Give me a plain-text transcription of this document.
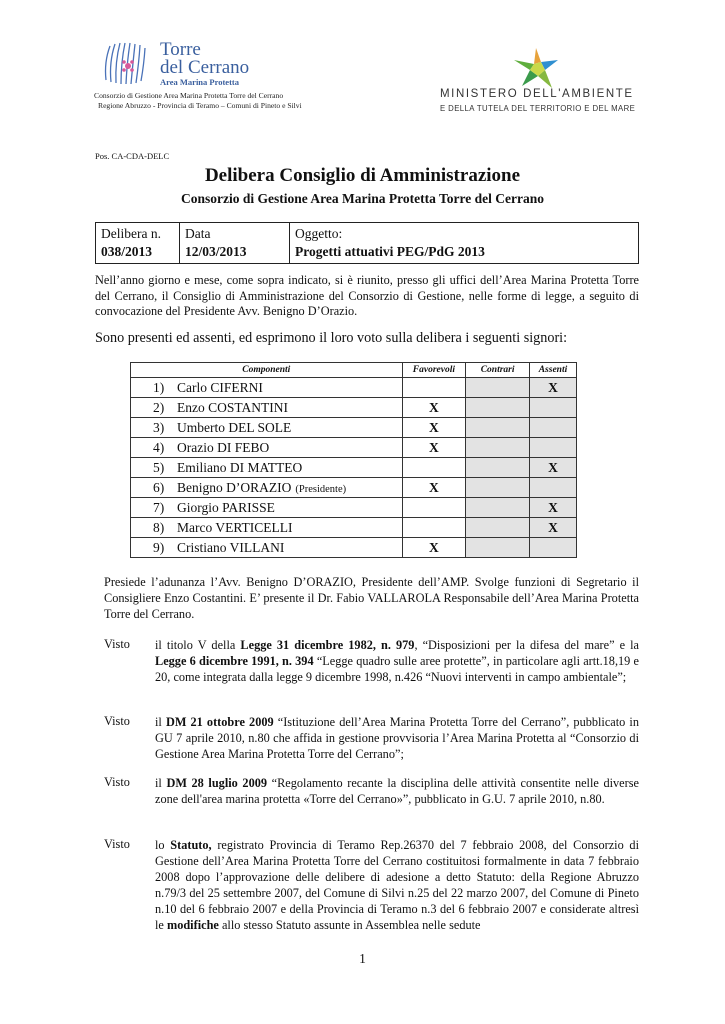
Torre
del Cerrano
Area Marina Protetta
Consorzio di Gestione Area Marina Protetta Torre del Cerrano
Regione Abruzzo - Provincia di Teramo – Comuni di Pineto e Silvi
MINISTERO DELL'AMBIENTE
E DELLA TUTELA DEL TERRITORIO E DEL MARE
Pos. CA-CDA-DELC
Delibera Consiglio di Amministrazione
Consorzio di Gestione Area Marina Protetta Torre del Cerrano
Delibera n.
038/2013

Data
12/03/2013

Oggetto:
Progetti attuativi PEG/PdG 2013
Nell’anno giorno e mese, come sopra indicato, si è riunito, presso gli uffici dell’Area Marina Protetta Torre del Cerrano, il Consiglio di Amministrazione del Consorzio di Gestione, nelle forme di legge, a seguito di convocazione del Presidente Avv. Benigno D’Orazio.
Sono presenti ed assenti, ed esprimono il loro voto sulla delibera i seguenti signori:
Componenti	Favorevoli	Contrari	Assenti
1) Carlo CIFERNI			X
2) Enzo COSTANTINI	X		
3) Umberto DEL SOLE	X		
4) Orazio DI FEBO	X		
5) Emiliano DI MATTEO			X
6) Benigno D’ORAZIO (Presidente)	X		
7) Giorgio PARISSE			X
8) Marco VERTICELLI			X
9) Cristiano VILLANI	X		
Presiede l’adunanza l’Avv. Benigno D’ORAZIO, Presidente dell’AMP. Svolge funzioni di Segretario il Consigliere Enzo Costantini. E’ presente il Dr. Fabio VALLAROLA Responsabile dell’Area Marina Protetta Torre del Cerrano.
Visto il titolo V della Legge 31 dicembre 1982, n. 979, “Disposizioni per la difesa del mare” e la Legge 6 dicembre 1991, n. 394 “Legge quadro sulle aree protette”, in particolare agli artt.18,19 e 20, come integrata dalla legge 9 dicembre 1998, n.426 “Nuovi interventi in campo ambientale”;
Visto il DM 21 ottobre 2009 “Istituzione dell’Area Marina Protetta Torre del Cerrano”, pubblicato in GU 7 aprile 2010, n.80 che affida in gestione provvisoria l’Area Marina Protetta al “Consorzio di Gestione Area Marina Protetta Torre del Cerrano”;
Visto il DM 28 luglio 2009 “Regolamento recante la disciplina delle attività consentite nelle diverse zone dell'area marina protetta «Torre del Cerrano»”, pubblicato in G.U. 7 aprile 2010, n.80.
Visto lo Statuto, registrato Provincia di Teramo Rep.26370 del 7 febbraio 2008, del Consorzio di Gestione dell’Area Marina Protetta Torre del Cerrano costituitosi formalmente in data 7 febbraio 2008 dopo l’approvazione delle delibere di adesione a detto Statuto: della Regione Abruzzo n.79/3 del 25 settembre 2007, del Comune di Silvi n.25 del 22 marzo 2007, del Comune di Pineto n.10 del 6 febbraio 2007 e della Provincia di Teramo n.3 del 6 febbraio 2007 e considerate altresì le modifiche allo stesso Statuto assunte in Assemblea nelle sedute
1
